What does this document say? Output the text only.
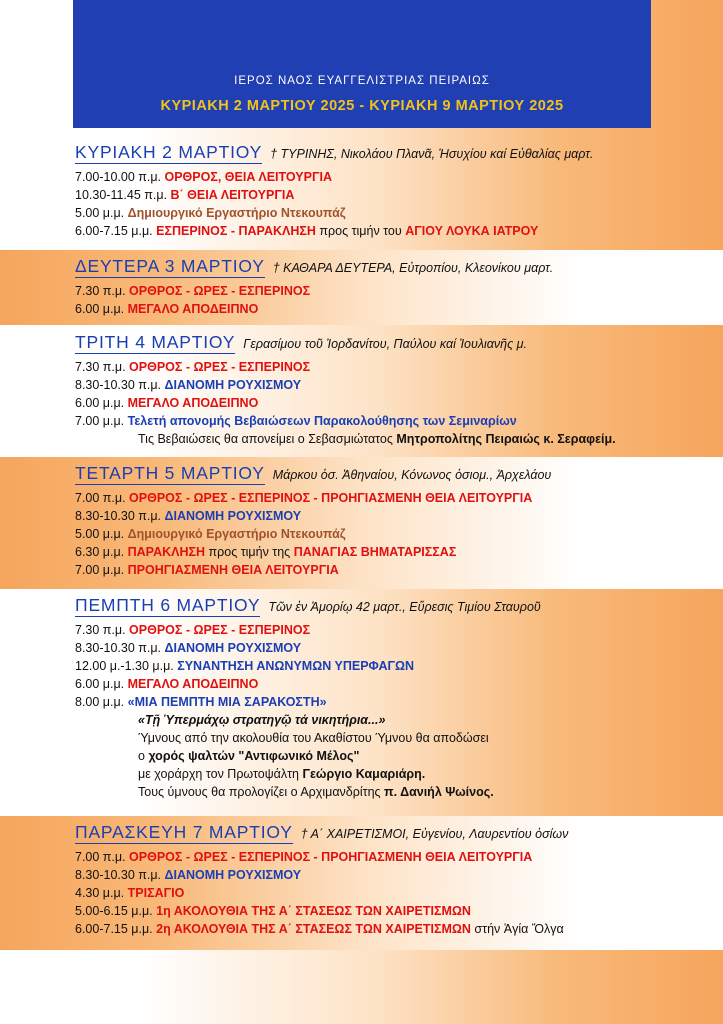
ΙΕΡΟΣ ΝΑΟΣ ΕΥΑΓΓΕΛΙΣΤΡΙΑΣ ΠΕΙΡΑΙΩΣ
ΚΥΡΙΑΚΗ 2 ΜΑΡΤΙΟΥ 2025 - ΚΥΡΙΑΚΗ 9 ΜΑΡΤΙΟΥ 2025
ΚΥΡΙΑΚΗ 2 ΜΑΡΤΙΟΥ † ΤΥΡΙΝΗΣ, Νικολάου Πλανᾶ, Ἡσυχίου καί Εὐθαλίας μαρτ.
7.00-10.00 π.μ. ΟΡΘΡΟΣ, ΘΕΙΑ ΛΕΙΤΟΥΡΓΙΑ
10.30-11.45 π.μ. Β΄ ΘΕΙΑ ΛΕΙΤΟΥΡΓΙΑ
5.00 μ.μ. Δημιουργικό Εργαστήριο Ντεκουπάζ
6.00-7.15 μ.μ. ΕΣΠΕΡΙΝΟΣ - ΠΑΡΑΚΛΗΣΗ προς τιμήν του ΑΓΙΟΥ ΛΟΥΚΑ ΙΑΤΡΟΥ
ΔΕΥΤΕΡΑ 3 ΜΑΡΤΙΟΥ † ΚΑΘΑΡΑ ΔΕΥΤΕΡΑ, Εὐτροπίου, Κλεονίκου μαρτ.
7.30 π.μ. ΟΡΘΡΟΣ - ΩΡΕΣ - ΕΣΠΕΡΙΝΟΣ
6.00 μ.μ. ΜΕΓΑΛΟ ΑΠΟΔΕΙΠΝΟ
ΤΡΙΤΗ 4 ΜΑΡΤΙΟΥ Γερασίμου τοῦ Ἰορδανίτου, Παύλου καί Ἰουλιανῆς μ.
7.30 π.μ. ΟΡΘΡΟΣ - ΩΡΕΣ - ΕΣΠΕΡΙΝΟΣ
8.30-10.30 π.μ. ΔΙΑΝΟΜΗ ΡΟΥΧΙΣΜΟΥ
6.00 μ.μ. ΜΕΓΑΛΟ ΑΠΟΔΕΙΠΝΟ
7.00 μ.μ. Τελετή απονομής Βεβαιώσεων Παρακολούθησης των Σεμιναρίων
Τις Βεβαιώσεις θα απονείμει ο Σεβασμιώτατος Μητροπολίτης Πειραιώς κ. Σεραφείμ.
ΤΕΤΑΡΤΗ 5 ΜΑΡΤΙΟΥ Μάρκου ὁσ. Ἀθηναίου, Κόνωνος ὁσιομ., Ἀρχελάου
7.00 π.μ. ΟΡΘΡΟΣ - ΩΡΕΣ - ΕΣΠΕΡΙΝΟΣ - ΠΡΟΗΓΙΑΣΜΕΝΗ ΘΕΙΑ ΛΕΙΤΟΥΡΓΙΑ
8.30-10.30 π.μ. ΔΙΑΝΟΜΗ ΡΟΥΧΙΣΜΟΥ
5.00 μ.μ. Δημιουργικό Εργαστήριο Ντεκουπάζ
6.30 μ.μ. ΠΑΡΑΚΛΗΣΗ προς τιμήν της ΠΑΝΑΓΙΑΣ ΒΗΜΑΤΑΡΙΣΣΑΣ
7.00 μ.μ. ΠΡΟΗΓΙΑΣΜΕΝΗ ΘΕΙΑ ΛΕΙΤΟΥΡΓΙΑ
ΠΕΜΠΤΗ 6 ΜΑΡΤΙΟΥ Τῶν ἐν Ἀμορίῳ 42 μαρτ., Εὕρεσις Τιμίου Σταυροῦ
7.30 π.μ. ΟΡΘΡΟΣ - ΩΡΕΣ - ΕΣΠΕΡΙΝΟΣ
8.30-10.30 π.μ. ΔΙΑΝΟΜΗ ΡΟΥΧΙΣΜΟΥ
12.00 μ.-1.30 μ.μ. ΣΥΝΑΝΤΗΣΗ ΑΝΩΝΥΜΩΝ ΥΠΕΡΦΑΓΩΝ
6.00 μ.μ. ΜΕΓΑΛΟ ΑΠΟΔΕΙΠΝΟ
8.00 μ.μ. «ΜΙΑ ΠΕΜΠΤΗ ΜΙΑ ΣΑΡΑΚΟΣΤΗ»
«Τῇ Ὑπερμάχῳ στρατηγῷ τά νικητήρια...»
Ύμνους από την ακολουθία του Ακαθίστου Ύμνου θα αποδώσει
ο χορός ψαλτών "Αντιφωνικό Μέλος"
με χοράρχη τον Πρωτοψάλτη Γεώργιο Καμαριάρη.
Τους ύμνους θα προλογίζει ο Αρχιμανδρίτης π. Δανιήλ Ψωίνος.
ΠΑΡΑΣΚΕΥΗ 7 ΜΑΡΤΙΟΥ † Α΄ ΧΑΙΡΕΤΙΣΜΟΙ, Εὐγενίου, Λαυρεντίου ὁσίων
7.00 π.μ. ΟΡΘΡΟΣ - ΩΡΕΣ - ΕΣΠΕΡΙΝΟΣ - ΠΡΟΗΓΙΑΣΜΕΝΗ ΘΕΙΑ ΛΕΙΤΟΥΡΓΙΑ
8.30-10.30 π.μ. ΔΙΑΝΟΜΗ ΡΟΥΧΙΣΜΟΥ
4.30 μ.μ. ΤΡΙΣΑΓΙΟ
5.00-6.15 μ.μ. 1η ΑΚΟΛΟΥΘΙΑ ΤΗΣ Α΄ ΣΤΑΣΕΩΣ ΤΩΝ ΧΑΙΡΕΤΙΣΜΩΝ
6.00-7.15 μ.μ. 2η ΑΚΟΛΟΥΘΙΑ ΤΗΣ Α΄ ΣΤΑΣΕΩΣ ΤΩΝ ΧΑΙΡΕΤΙΣΜΩΝ στήν Ἁγία Ὄλγα
